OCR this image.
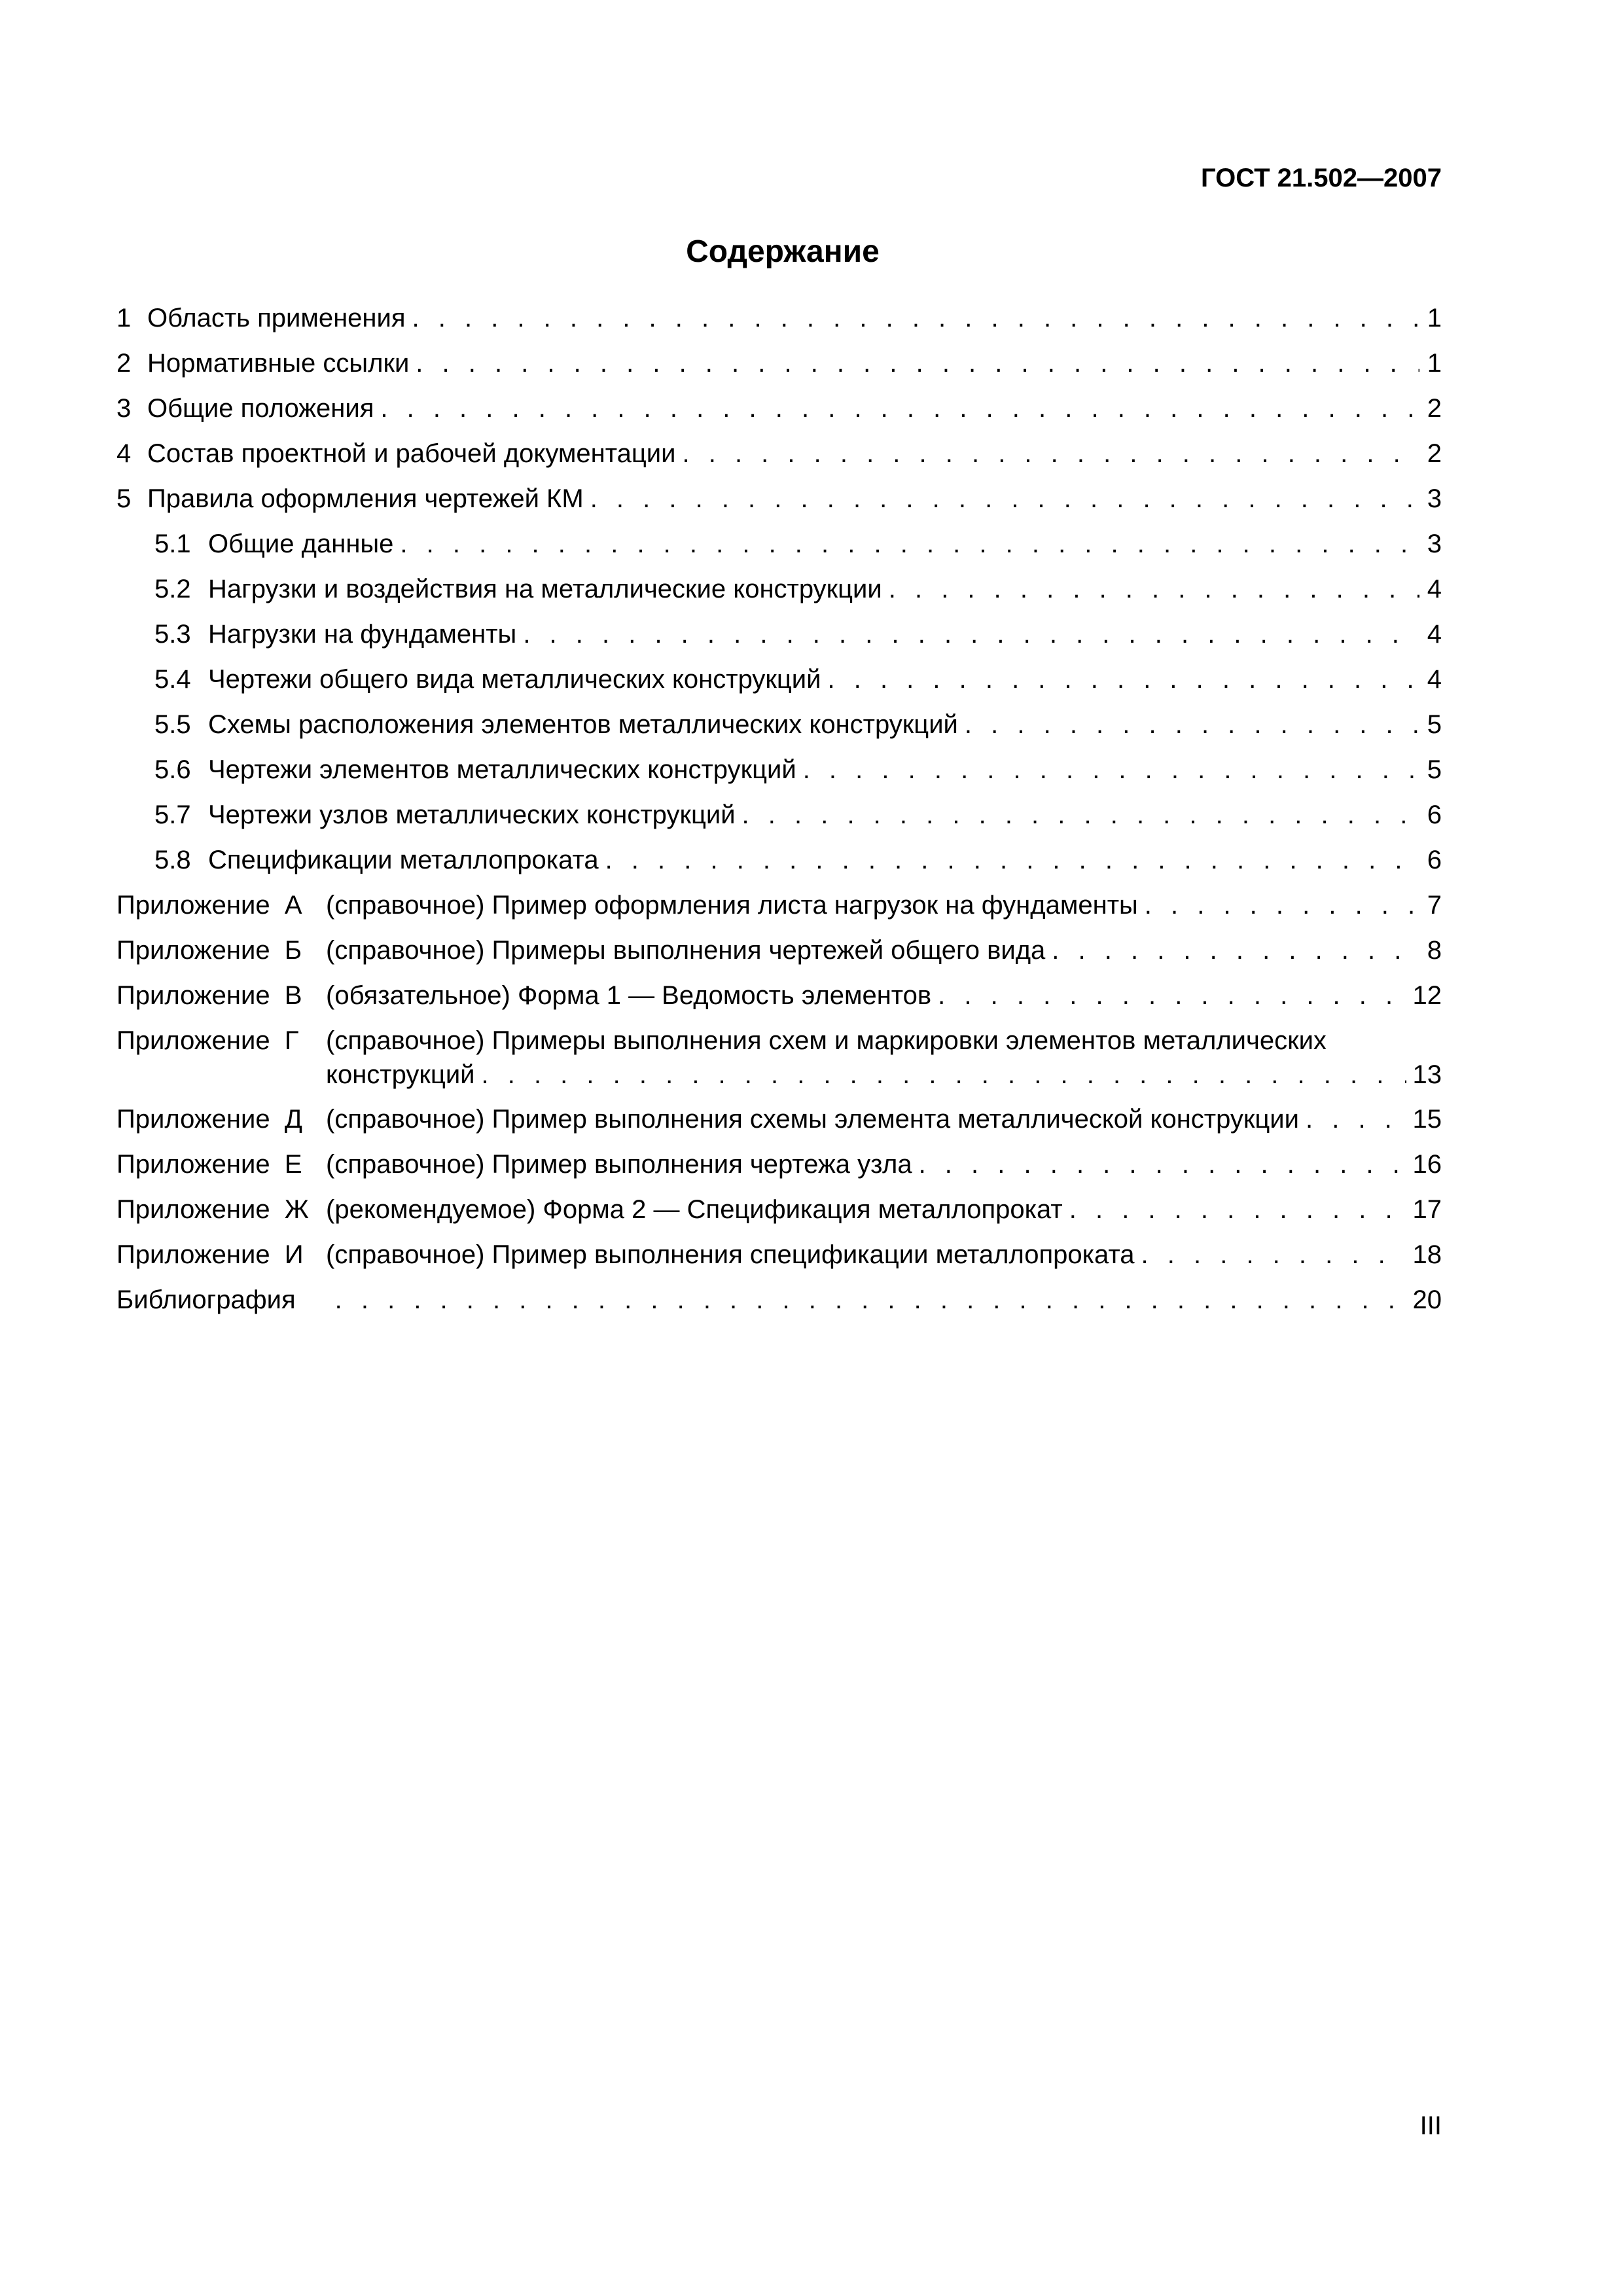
ГОСТ 21.502—2007
Содержание
1 Область применения . . .	1
2 Нормативные ссылки . . .	1
3 Общие положения . . .	2
4 Состав проектной и рабочей документации . . .	2
5 Правила оформления чертежей КМ . . .	3
5.1 Общие данные . . .	3
5.2 Нагрузки и воздействия на металлические конструкции . . .	4
5.3 Нагрузки на фундаменты . . .	4
5.4 Чертежи общего вида металлических конструкций . . .	4
5.5 Схемы расположения элементов металлических конструкций . . .	5
5.6 Чертежи элементов металлических конструкций . . .	5
5.7 Чертежи узлов металлических конструкций . . .	6
5.8 Спецификации металлопроката . . .	6
Приложение  А (справочное) Пример оформления листа нагрузок на фундаменты . . .	7
Приложение  Б (справочное) Примеры выполнения чертежей общего вида . . .	8
Приложение  В (обязательное) Форма 1 — Ведомость элементов . . .	12
Приложение  Г	(справочное) Примеры выполнения схем и маркировки элементов металлических
конструкций . . .	13
Приложение  Д (справочное) Пример выполнения схемы элемента металлической конструкции . . .	15
Приложение  Е (справочное) Пример выполнения чертежа узла . . .	16
Приложение  Ж (рекомендуемое) Форма 2 — Спецификация металлопрокат . . .	17
Приложение  И (справочное) Пример выполнения спецификации металлопроката . . .	18
Библиография . . .	20
III
